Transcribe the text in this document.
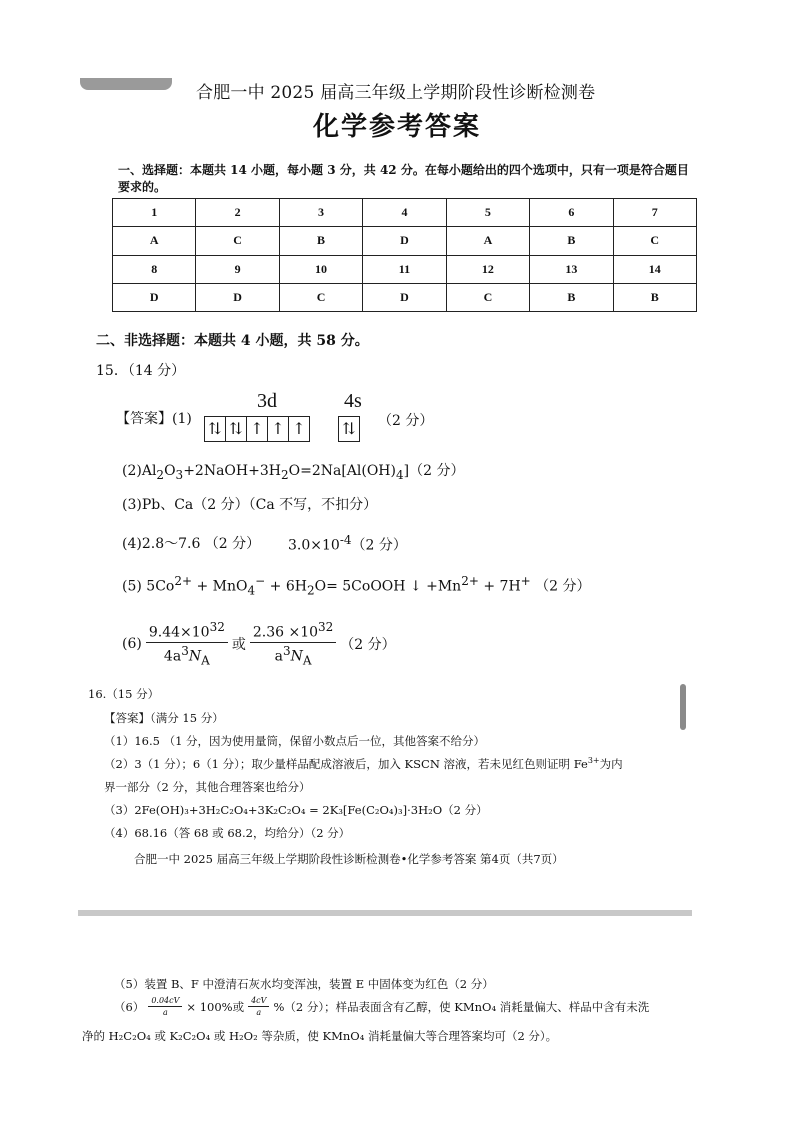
合肥一中 2025 届高三年级上学期阶段性诊断检测卷
化学参考答案
一、选择题：本题共 14 小题，每小题 3 分，共 42 分。在每小题给出的四个选项中，只有一项是符合题目要求的。
1	2	3	4	5	6	7
A	C	B	D	A	B	C
8	9	10	11	12	13	14
D	D	C	D	C	B	B
二、非选择题：本题共 4 小题，共 58 分。
15．（14 分）
【答案】(1)
3d	4s
⇅ ⇅ ↑ ↑ ↑ ⇅ （2 分）
$(2)Al_2O_3+2NaOH+3H_2O=2Na[Al(OH)_4](2$ 分）
(3)Pb、Ca（2 分）（Ca 不写，不扣分）
(4)2.8～7.6 （2 分） $3.0\times 10^{-4}(2$ 分）
(5) $5Co^{2+} + MnO_4^- + 6H_2O=$ 5CoOOH ↓ $+Mn^{2+} + 7H^+$ （2 分）
$(6) \frac{9.44\times 10^{32}}{4a^3N_A}$ 或 $\frac{2.36 \times 10^{32}}{a^3N_A} (2$ 分）
16.（15 分）
【答案】（满分 15 分）
（1）16.5 （1 分，因为使用量筒，保留小数点后一位，其他答案不给分）
（2）3（1 分）；6（1 分）；取少量样品配成溶液后，加入 KSCN 溶液，若未见红色则证明 $Fe^{3+}$为内
界一部分（2 分，其他合理答案也给分）
（3）2Fe(OH)₃+3H₂C₂O₄+3K₂C₂O₄ = 2K₃[Fe(C₂O₄)₃]·3H₂O（2 分）
（4）68.16（答 68 或 68.2，均给分）（2 分）
合肥一中 2025 届高三年级上学期阶段性诊断检测卷•化学参考答案 第4页（共7页）
（5）装置 B、F 中澄清石灰水均变浑浊，装置 E 中固体变为红色（2 分）
$(6) \frac{0.04cV}{a} \times 100\%$或 $\frac{4cV}{a} \%(2$ 分）；样品表面含有乙醇，使 KMnO₄ 消耗量偏大、样品中含有未洗
净的 H₂C₂O₄ 或 K₂C₂O₄ 或 H₂O₂ 等杂质，使 KMnO₄ 消耗量偏大等合理答案均可（2 分）。
